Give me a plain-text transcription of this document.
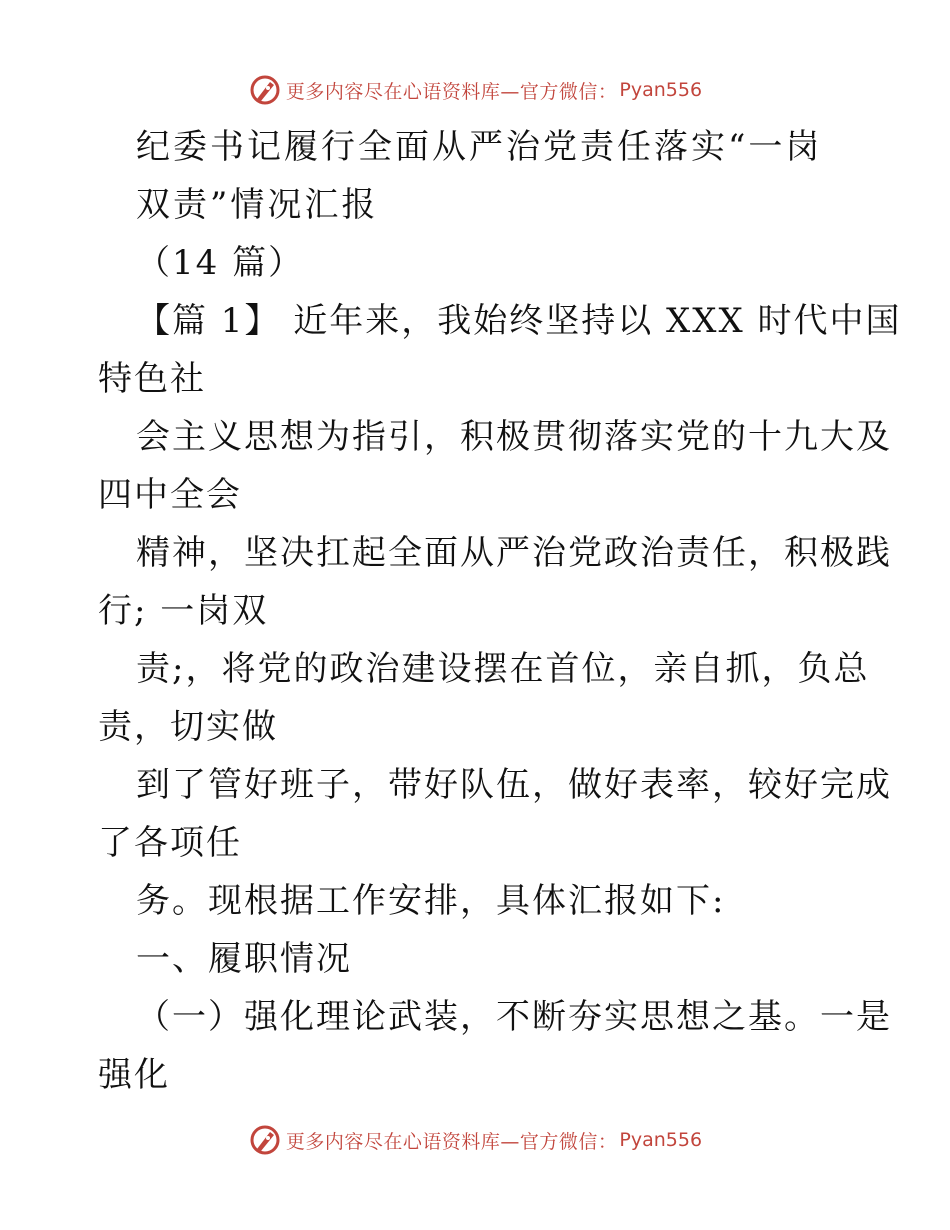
更多内容尽在心语资料库—官方微信： Pyan556
纪委书记履行全面从严治党责任落实“一岗
双责”情况汇报
（14 篇）
【篇 1】 近年来，我始终坚持以 XXX 时代中国
特色社
会主义思想为指引，积极贯彻落实党的十九大及
四中全会
精神，坚决扛起全面从严治党政治责任，积极践
行; 一岗双
责;，将党的政治建设摆在首位，亲自抓，负总
责，切实做
到了管好班子，带好队伍，做好表率，较好完成
了各项任
务。现根据工作安排，具体汇报如下:
一、履职情况
（一）强化理论武装，不断夯实思想之基。一是
强化
更多内容尽在心语资料库—官方微信： Pyan556
